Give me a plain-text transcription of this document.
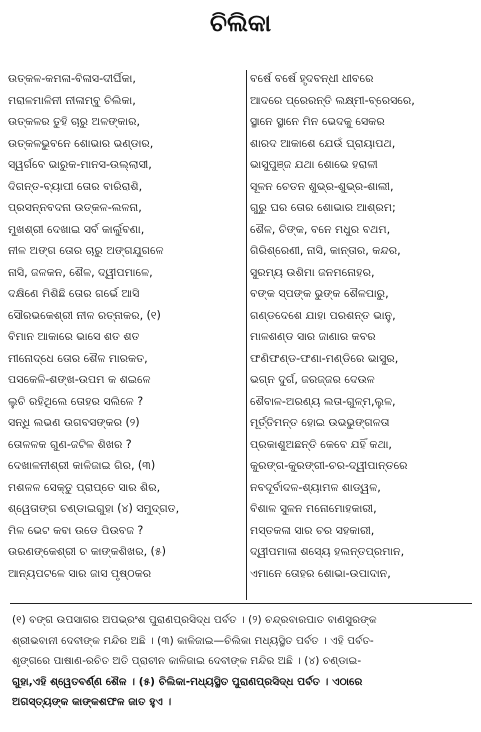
ଚିଲିକା
ଉତ୍କଳ-କମଳା-ବିଳାସ-ଦୀର୍ଘିକା,
ମରାଳମାଳିନୀ ନୀଳାମ୍ବୁ ଚିଲିକା,
ଉତ୍କଳର ତୁହି ଚାରୁ ଅଳଙ୍କାର,
ଉତ୍କଳଭୁବନେ ଶୋଭାର ଭଣ୍ଡାର,
ସ୍ୱର୍ଗବେ ଭାରୁକ-ମାନସ-ଉଲ୍ଲାସୀ,
ଦିଗନ୍ତ-ବ୍ୟାପୀ ତୋର ବାରିରାଶି,
ପ୍ରସନ୍ନବଦନା ଉତ୍କଳ-ଲଳନା,
ମୁଖଶ୍ରୀ ଦେଖାଇ ସର୍ବ କାର୍ଲୁବଣା,
ନୀଳ ଅଙ୍ଗ ତୋର ଚାରୁ ଅଙ୍ଗଯୁଗଳେ
ନାସି, ଜଳକନ, ଶୈଳ, ଦ୍ୱୀପମାଳେ,
ଦକ୍ଷିଣେ ମିଶିଛି ତୋର ଗର୍ଭେ ଆସି
ସୌରଭକେଶ୍ରୀ ନୀଳ ରତ୍ନାକର, (୧)
ବିମାନ ଆକାରେ ଭାସେ ଶତ ଶତ
ମୀନୋଦ୍ଧେ ତୋର ଶୈଳ ମାରକତ,
ପସକେଳି-ଶଙ୍ଖ-ଉପମ କ ଶଇଳେ
ଲୁଚି ରହିଥିଲେ ତୋହର ସଲିଳେ ?
ସନ୍ଧି ଲଭଣ ଉଗବସଙ୍କର (୨)
ତୋଳଳକ ଗୁଣ-ଜଟିଳ ଶିଖର ?
ଦେଖାଳନୀଶ୍ରୀ କାଳିଜାଇ ଗିର, (୩)
ମଶଳଳ ସେକ୍ତୁ ପ୍ରାପ୍ତେ ସାର ଶିର,
ଶ୍ୱେତାଙ୍ଗ ଚଣ୍ଡାଇଗୁହା (୪) ସମୁଦ୍ଗତ,
ମିଳ ଭେଟ କବା ଉଡେ ପିଉବଜ ?
ଉରଣଙ୍କେଶ୍ରୀ ଚ କାଙ୍କଶିଖର, (୫)
ଆନ୍ୟପଟଳେ ସାର ଜାସ ପୃଷ୍ଠକର
ବର୍ଷେ ବର୍ଷେ ହୃଦବନ୍ଧୀ ଧୀବରେ
ଆଦରେ ପ୍ରେରନ୍ତି ଲକ୍ଷ୍ମୀ-ବ୍ରେସରେ,
ସ୍ଥାନେ ସ୍ଥାନେ ମିନ ଭେଦକୁ ସେକର
ଶାରଦ ଆକାଶେ ଯେଉଁ ଘ୍ରାୟାପଥ,
ଭାସୁପୁଞ୍ଜ ଯଥା ଶୋଭେ ହରାଳୀ
ସୂଳନ ଚେତନ ଶୁଭ୍ର-ଶୁଭ୍ର-ଶାଲୀ,
ଗୁରୁ ଘର ତୋର ଶୋଭାର ଆଶ୍ରମ;
ଶୈଳ, ଚିଙ୍କ, ବନେ ମଧୁର ବଥମ,
ଗିରିଶ୍ରେଣୀ, ନାସି, କାନ୍ତାର, କନ୍ଦର,
ସୁରମ୍ୟ ଉଶିମା ଜନମନୋହର,
ବଙ୍କ ସ୍ପଙ୍କ ଭୁଙ୍କ ଶୈଳପାରୁ,
ଗଣ୍ଡଦେଶେ ଯାହା ପରଶନ୍ତ ଭାନୁ,
ମାଳଶଣ୍ଡ ସାର ଜାଣାର କବର
ଫଣିଫଣ୍ଡ-ଫଣା-ମଣ୍ଡିରେ ଭାସୁର,
ଭଗ୍ନ ଦୁର୍ଗ, ଜରଜ୍ଜର ଦେଉଳ
ଶୈବାଳ-ଅରଣ୍ୟ ଲତା-ଗୁଳ୍ମ,ଲୁଳ,
ମୂର୍ତ୍ତିମନ୍ତ ହୋଇ ଉଭଭୁଙ୍ଗଳତା
ପ୍ରକାଶୁଅଛନ୍ତି କେବେ ଯହିଁ କଥା,
କୁରଙ୍ଗ-କୁରଙ୍ଗୀ-ଚର-ଦ୍ୱୀପାନ୍ତରେ
ନବଦୂର୍ବାଦଳ-ଶ୍ୟାମଳ ଶାଡ୍ୱଳ,
ବିଶାଳ ସୁଳନ ମନୋମୋହକାରୀ,
ମସ୍ତକଳା ସାର ଚର ସହକାରୀ,
ଦ୍ୱୀପମାଳା ଶସ୍ୟେ ହଲନ୍ତପ୍ରମାନ,
ଏମାନେ ତୋହର ଶୋଭା-ଉପାଦାନ,
(୧) ବଙ୍ଗ ଉପସାଗର ଅପଭ୍ରଂଶ ପୁରାଣପ୍ରସିଦ୍ଧ ପର୍ବତ । (୨) ଚନ୍ଦ୍ରବାରପାତ ବାଣସୁରଙ୍କ
ଶ୍ରୀଭବାନୀ ଦେବୀଙ୍କ ମନ୍ଦିର ଅଛି । (୩) କାଳିଜାଇ—ଚିଲିକା ମଧ୍ୟସ୍ଥିତ ପର୍ବତ । ଏହି ପର୍ବତ-
ଶୃଙ୍ଗରେ ପାଷାଣ-ରଚିତ ଅତି ପ୍ରାଚୀନ କାଳିଜାଇ ଦେବୀଙ୍କ ମନ୍ଦିର ଅଛି । (୪) ଚଣ୍ଡାଇ-
ଗୁହା,ଏହି ଶ୍ୱେତବର୍ଣ୍ଣ ଶୈଳ । (୫) ଚିଲିକା-ମଧ୍ୟସ୍ଥିତ ପୁରାଣପ୍ରସିଦ୍ଧ ପର୍ବତ । ଏଠାରେ
ଅଗସ୍ତ୍ୟଙ୍କ କାଙ୍କଶଫଳ ଜାତ ହୁଏ ।
